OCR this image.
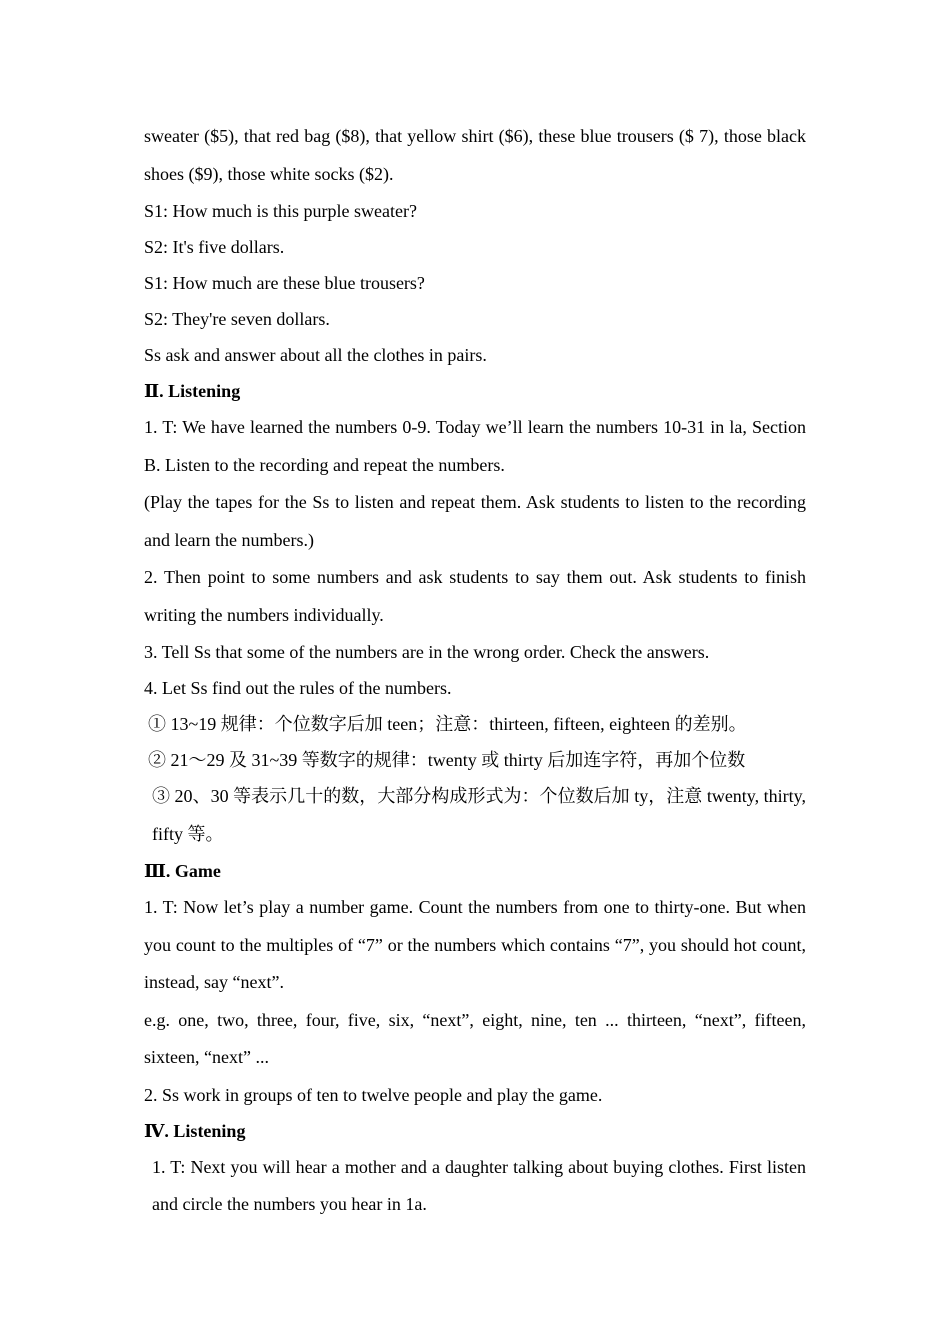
sweater ($5), that red bag ($8), that yellow shirt ($6), these blue trousers ($ 7), those black shoes ($9), those white socks ($2).

S1: How much is this purple sweater?

S2: It's five dollars.

S1: How much are these blue trousers?

S2: They're seven dollars.

Ss ask and answer about all the clothes in pairs.

Ⅱ. Listening

1. T: We have learned the numbers 0-9. Today we’ll learn the numbers 10-31 in la, Section B. Listen to the recording and repeat the numbers.

(Play the tapes for the Ss to listen and repeat them. Ask students to listen to the recording and learn the numbers.)

2. Then point to some numbers and ask students to say them out. Ask students to finish writing the numbers individually.

3. Tell Ss that some of the numbers are in the wrong order. Check the answers.

4. Let Ss find out the rules of the numbers.

① 13~19 规律：个位数字后加 teen；注意：thirteen, fifteen, eighteen 的差别。

② 21～29 及 31~39 等数字的规律：twenty 或 thirty 后加连字符，再加个位数

③ 20、30 等表示几十的数，大部分构成形式为：个位数后加 ty，注意 twenty, thirty, fifty 等。

Ⅲ. Game

1. T: Now let’s play a number game. Count the numbers from one to thirty-one. But when you count to the multiples of “7” or the numbers which contains “7”, you should hot count, instead, say “next”.

e.g. one, two, three, four, five, six, “next”, eight, nine, ten ... thirteen, “next”, fifteen, sixteen, “next” ...

2. Ss work in groups of ten to twelve people and play the game.

Ⅳ. Listening

1. T: Next you will hear a mother and a daughter talking about buying clothes. First listen and circle the numbers you hear in 1a.
